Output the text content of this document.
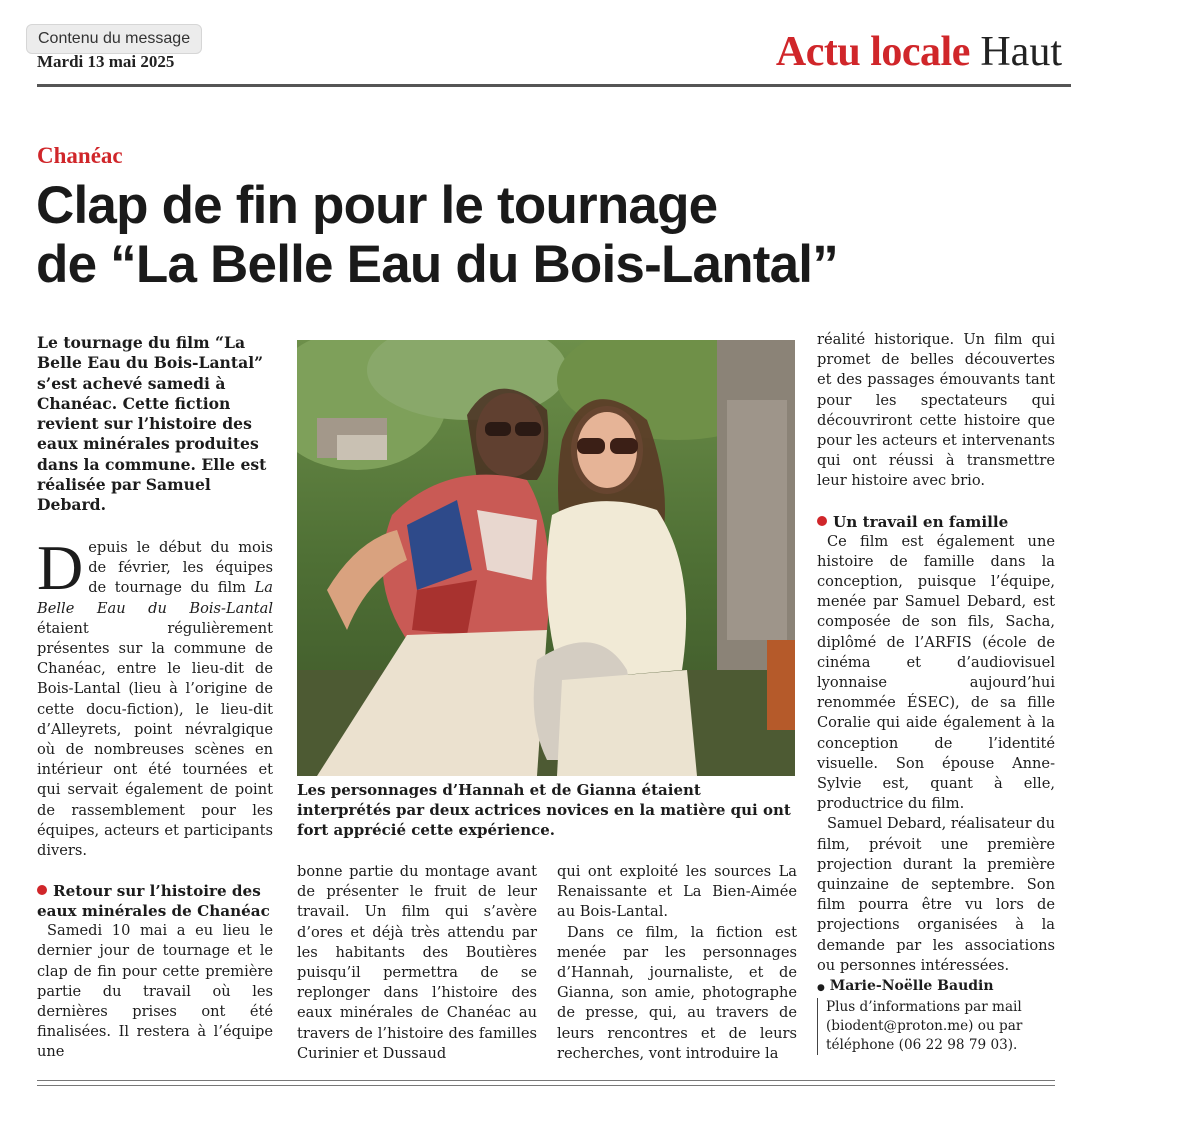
Contenu du message
Mardi 13 mai 2025	Actu locale Haut
Chanéac
Clap de fin pour le tournage
de “La Belle Eau du Bois-Lantal”
Le tournage du film “La Belle Eau du Bois-Lantal” s’est achevé samedi à Chanéac. Cette fiction revient sur l’histoire des eaux minérales produites dans la commune. Elle est réalisée par Samuel Debard.

Depuis le début du mois de février, les équipes de tournage du film La Belle Eau du Bois-Lantal étaient régulièrement présentes sur la commune de Chanéac, entre le lieu-dit de Bois-Lantal (lieu à l’origine de cette docu-fiction), le lieu-dit d’Alleyrets, point névralgique où de nombreuses scènes en intérieur ont été tournées et qui servait également de point de rassemblement pour les équipes, acteurs et participants divers.

Retour sur l’histoire des eaux minérales de Chanéac

Samedi 10 mai a eu lieu le dernier jour de tournage et le clap de fin pour cette première partie du travail où les dernières prises ont été finalisées. Il restera à l’équipe une

Les personnages d’Hannah et de Gianna étaient interprétés par deux actrices novices en la matière qui ont fort apprécié cette expérience.

bonne partie du montage avant de présenter le fruit de leur travail. Un film qui s’avère d’ores et déjà très attendu par les habitants des Boutières puisqu’il permettra de se replonger dans l’histoire des eaux minérales de Chanéac au travers de l’histoire des familles Curinier et Dussaud

qui ont exploité les sources La Renaissante et La Bien-Aimée au Bois-Lantal.

Dans ce film, la fiction est menée par les personnages d’Hannah, journaliste, et de Gianna, son amie, photographe de presse, qui, au travers de leurs rencontres et de leurs recherches, vont introduire la

réalité historique. Un film qui promet de belles découvertes et des passages émouvants tant pour les spectateurs qui découvriront cette histoire que pour les acteurs et intervenants qui ont réussi à transmettre leur histoire avec brio.

Un travail en famille

Ce film est également une histoire de famille dans la conception, puisque l’équipe, menée par Samuel Debard, est composée de son fils, Sacha, diplômé de l’ARFIS (école de cinéma et d’audiovisuel lyonnaise aujourd’hui renommée ÉSEC), de sa fille Coralie qui aide également à la conception de l’identité visuelle. Son épouse Anne-Sylvie est, quant à elle, productrice du film.

Samuel Debard, réalisateur du film, prévoit une première projection durant la première quinzaine de septembre. Son film pourra être vu lors de projections organisées à la demande par les associations ou personnes intéressées.

● Marie-Noëlle Baudin

Plus d’informations par mail (biodent@proton.me) ou par téléphone (06 22 98 79 03).
